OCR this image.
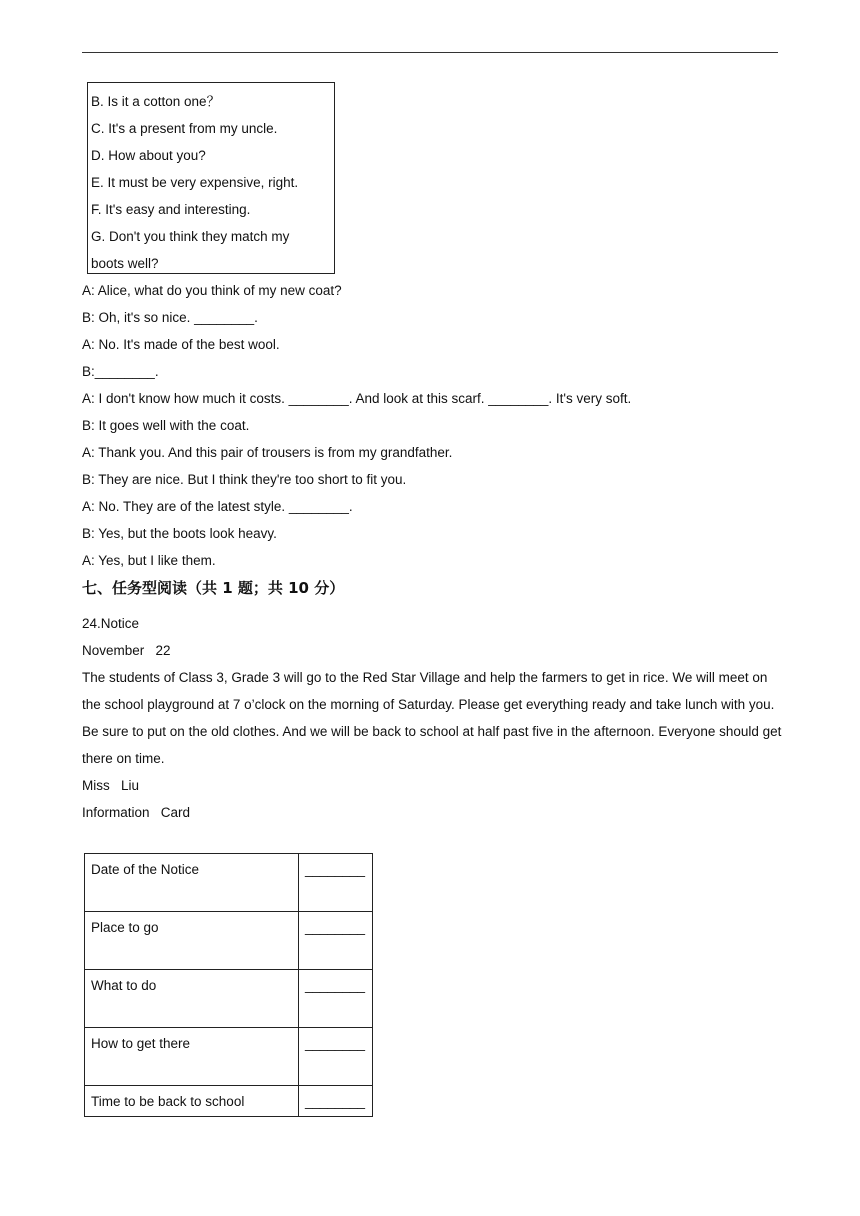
B. Is it a cotton one？
C. It's a present from my uncle.
D. How about you?
E. It must be very expensive, right.
F. It's easy and interesting.
G. Don't you think they match my
boots well?
A: Alice, what do you think of my new coat?
B: Oh, it's so nice. ________.
A: No. It's made of the best wool.
B:________.
A: I don't know how much it costs. ________. And look at this scarf. ________. It's very soft.
B: It goes well with the coat.
A: Thank you. And this pair of trousers is from my grandfather.
B: They are nice. But I think they're too short to fit you.
A: No. They are of the latest style. ________.
B: Yes, but the boots look heavy.
A: Yes, but I like them.
七、任务型阅读（共 1 题；共 10 分）
24.Notice
November   22
The students of Class 3, Grade 3 will go to the Red Star Village and help the farmers to get in rice. We will meet on the school playground at 7 o’clock on the morning of Saturday. Please get everything ready and take lunch with you. Be sure to put on the old clothes. And we will be back to school at half past five in the afternoon. Everyone should get there on time.
Miss   Liu
Information   Card
Date of the Notice	________
Place to go	________
What to do	________
How to get there	________
Time to be back to school	________
